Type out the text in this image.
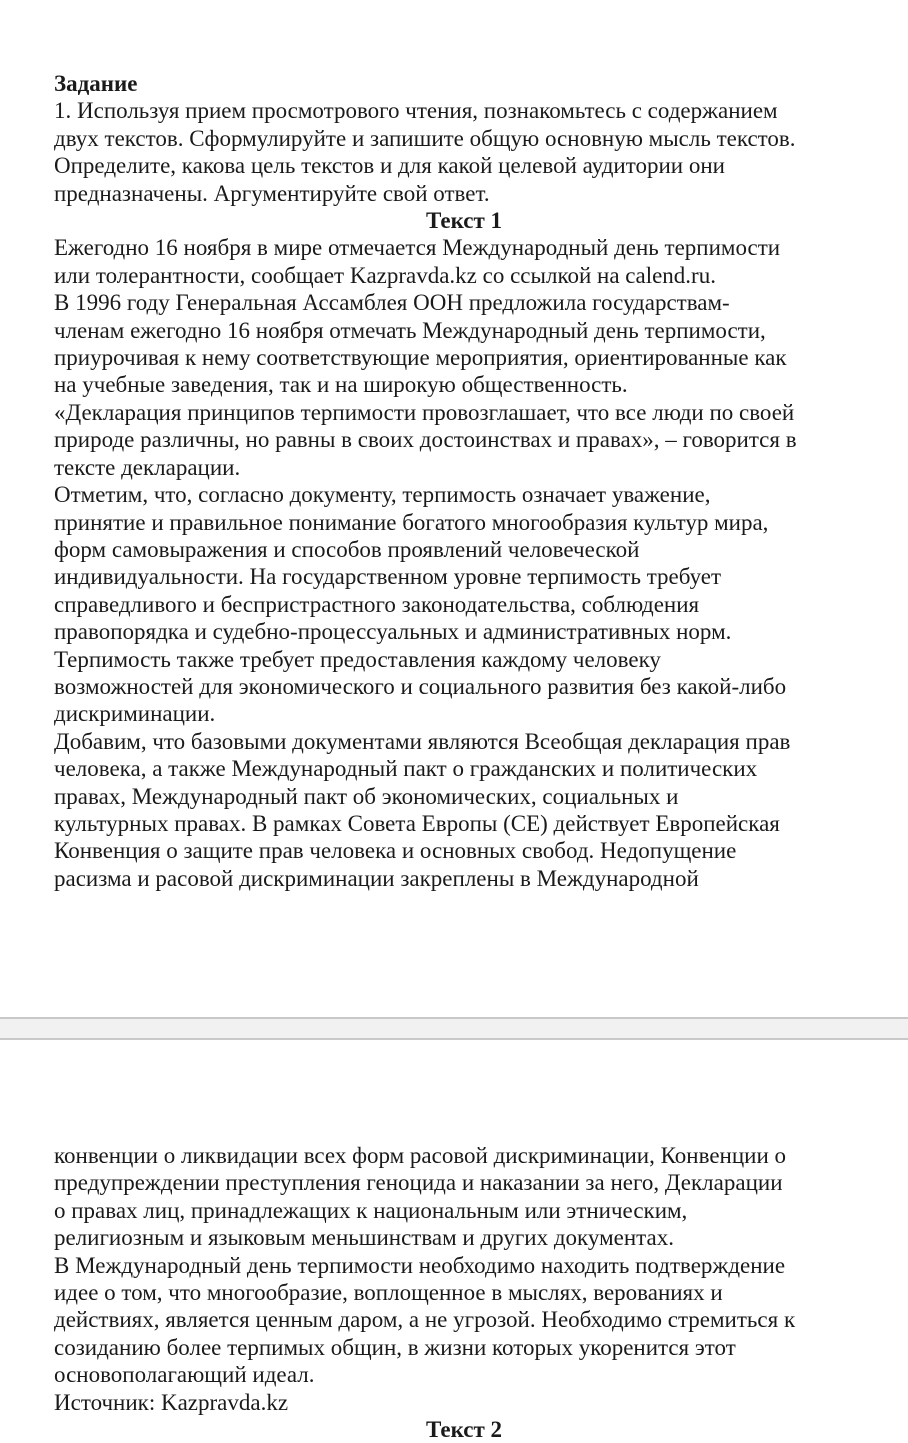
Задание

1. Используя прием просмотрового чтения, познакомьтесь с содержанием

двух текстов. Сформулируйте и запишите общую основную мысль текстов.

Определите, какова цель текстов и для какой целевой аудитории они

предназначены. Аргументируйте свой ответ.

Текст 1

Ежегодно 16 ноября в мире отмечается Международный день терпимости

или толерантности, сообщает Kazpravda.kz со ссылкой на calend.ru.

В 1996 году Генеральная Ассамблея ООН предложила государствам-

членам ежегодно 16 ноября отмечать Международный день терпимости,

приурочивая к нему соответствующие мероприятия, ориентированные как

на учебные заведения, так и на широкую общественность.

«Декларация принципов терпимости провозглашает, что все люди по своей

природе различны, но равны в своих достоинствах и правах», – говорится в

тексте декларации.

Отметим, что, согласно документу, терпимость означает уважение,

принятие и правильное понимание богатого многообразия культур мира,

форм самовыражения и способов проявлений человеческой

индивидуальности. На государственном уровне терпимость требует

справедливого и беспристрастного законодательства, соблюдения

правопорядка и судебно-процессуальных и административных норм.

Терпимость также требует предоставления каждому человеку

возможностей для экономического и социального развития без какой-либо

дискриминации.

Добавим, что базовыми документами являются Всеобщая декларация прав

человека, а также Международный пакт о гражданских и политических

правах, Международный пакт об экономических, социальных и

культурных правах. В рамках Совета Европы (СЕ) действует Европейская

Конвенция о защите прав человека и основных свобод. Недопущение

расизма и расовой дискриминации закреплены в Международной

конвенции о ликвидации всех форм расовой дискриминации, Конвенции о

предупреждении преступления геноцида и наказании за него, Декларации

о правах лиц, принадлежащих к национальным или этническим,

религиозным и языковым меньшинствам и других документах.

В Международный день терпимости необходимо находить подтверждение

идее о том, что многообразие, воплощенное в мыслях, верованиях и

действиях, является ценным даром, а не угрозой. Необходимо стремиться к

созиданию более терпимых общин, в жизни которых укоренится этот

основополагающий идеал.

Источник: Kazpravda.kz

Текст 2
